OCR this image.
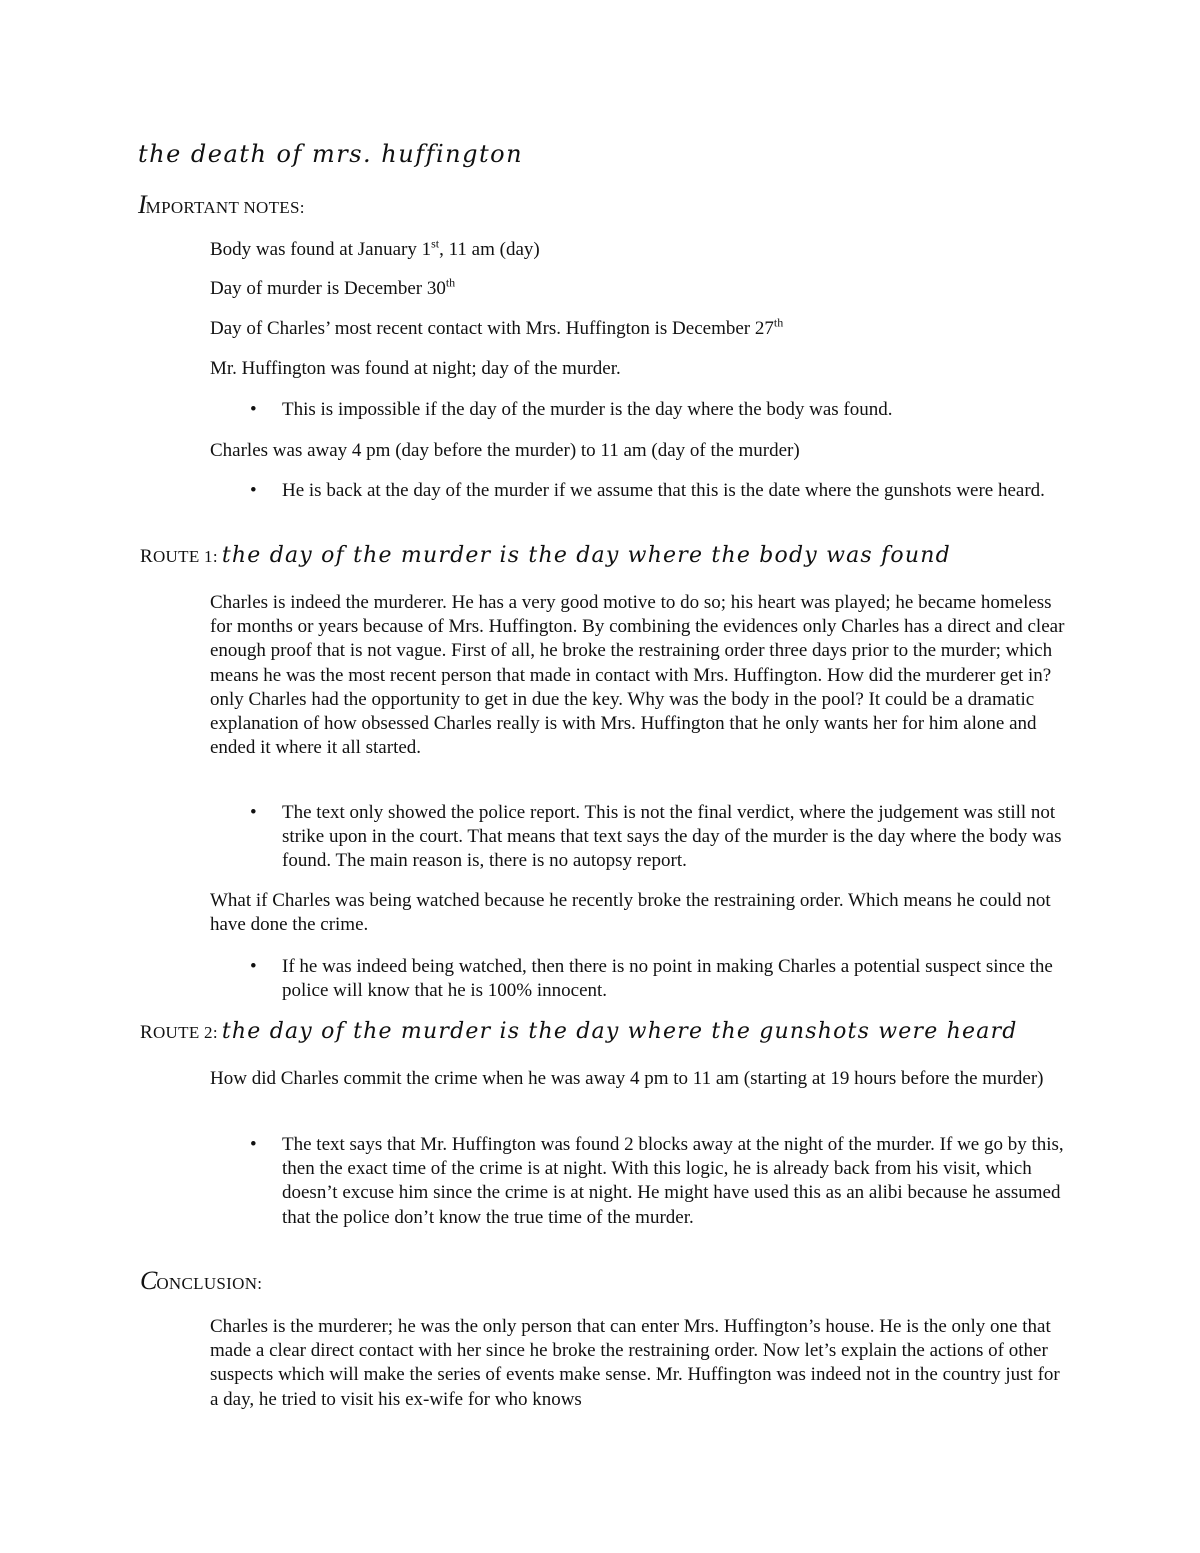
the death of mrs. huffington
IMPORTANT NOTES:
Body was found at January 1st, 11 am (day)
Day of murder is December 30th
Day of Charles’ most recent contact with Mrs. Huffington is December 27th
Mr. Huffington was found at night; day of the murder.
•	This is impossible if the day of the murder is the day where the body was found.
Charles was away 4 pm (day before the murder) to 11 am (day of the murder)
•	He is back at the day of the murder if we assume that this is the date where the gunshots were heard.
ROUTE 1: the day of the murder is the day where the body was found
Charles is indeed the murderer. He has a very good motive to do so; his heart was played; he became homeless for months or years because of Mrs. Huffington. By combining the evidences only Charles has a direct and clear enough proof that is not vague. First of all, he broke the restraining order three days prior to the murder; which means he was the most recent person that made in contact with Mrs. Huffington. How did the murderer get in? only Charles had the opportunity to get in due the key. Why was the body in the pool? It could be a dramatic explanation of how obsessed Charles really is with Mrs. Huffington that he only wants her for him alone and ended it where it all started.
•	The text only showed the police report. This is not the final verdict, where the judgement was still not strike upon in the court. That means that text says the day of the murder is the day where the body was found. The main reason is, there is no autopsy report.
What if Charles was being watched because he recently broke the restraining order. Which means he could not have done the crime.
•	If he was indeed being watched, then there is no point in making Charles a potential suspect since the police will know that he is 100% innocent.
ROUTE 2: the day of the murder is the day where the gunshots were heard
How did Charles commit the crime when he was away 4 pm to 11 am (starting at 19 hours before the murder)
•	The text says that Mr. Huffington was found 2 blocks away at the night of the murder. If we go by this, then the exact time of the crime is at night. With this logic, he is already back from his visit, which doesn’t excuse him since the crime is at night. He might have used this as an alibi because he assumed that the police don’t know the true time of the murder.
CONCLUSION:
Charles is the murderer; he was the only person that can enter Mrs. Huffington’s house. He is the only one that made a clear direct contact with her since he broke the restraining order. Now let’s explain the actions of other suspects which will make the series of events make sense. Mr. Huffington was indeed not in the country just for a day, he tried to visit his ex-wife for who knows
